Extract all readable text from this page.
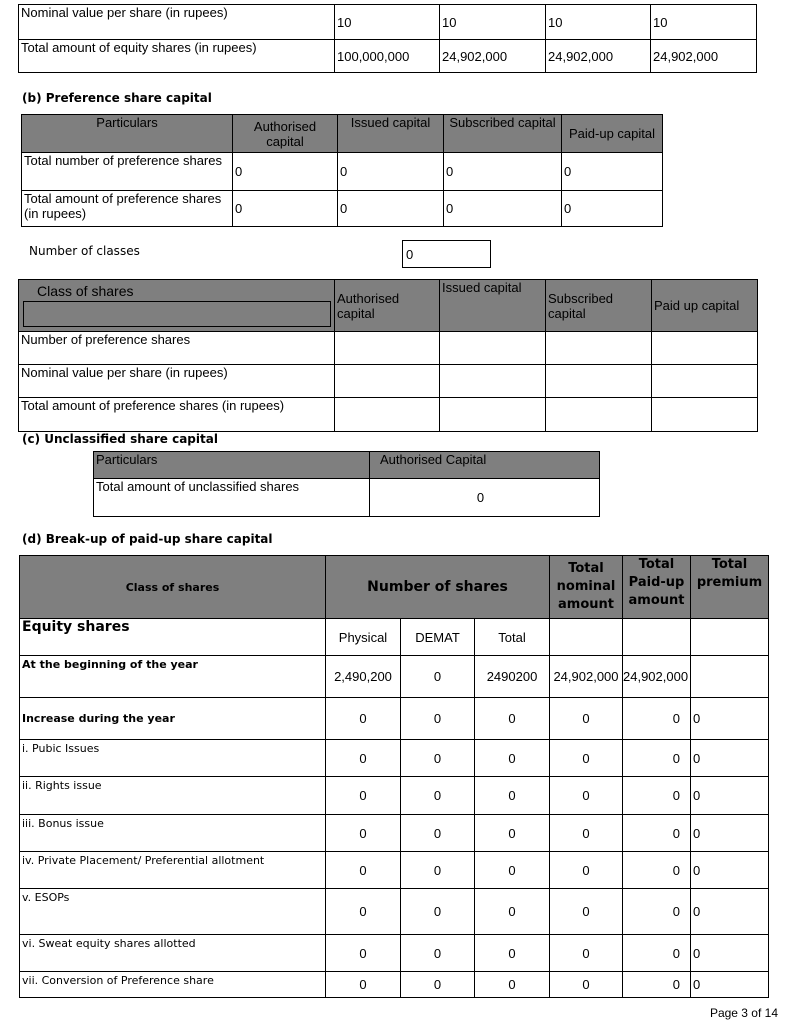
Nominal value per share (in rupees)	10	10	10	10
Total amount of equity shares (in rupees)	100,000,000	24,902,000	24,902,000	24,902,000
(b) Preference share capital
Particulars	Authorised capital	Issued capital	Subscribed capital	Paid-up capital
Total number of preference shares	0	0	0	0
Total amount of preference shares (in rupees)	0	0	0	0
Number of classes	0
Class of shares	Authorised capital	Issued capital	Subscribed capital	Paid up capital
Number of preference shares				
Nominal value per share (in rupees)				
Total amount of preference shares (in rupees)				
(c) Unclassified share capital
Particulars	Authorised Capital
Total amount of unclassified shares	0
(d) Break-up of paid-up share capital
Class of shares	Number of shares			Total nominal amount	Total Paid-up amount	Total premium
Equity shares	Physical	DEMAT	Total			
At the beginning of the year	2,490,200	0	2490200	24,902,000	24,902,000	
Increase during the year	0	0	0	0	0	0
i. Pubic Issues	0	0	0	0	0	0
ii. Rights issue	0	0	0	0	0	0
iii. Bonus issue	0	0	0	0	0	0
iv. Private Placement/ Preferential allotment	0	0	0	0	0	0
v. ESOPs	0	0	0	0	0	0
vi. Sweat equity shares allotted	0	0	0	0	0	0
vii. Conversion of Preference share	0	0	0	0	0	0
Page 3 of 14
